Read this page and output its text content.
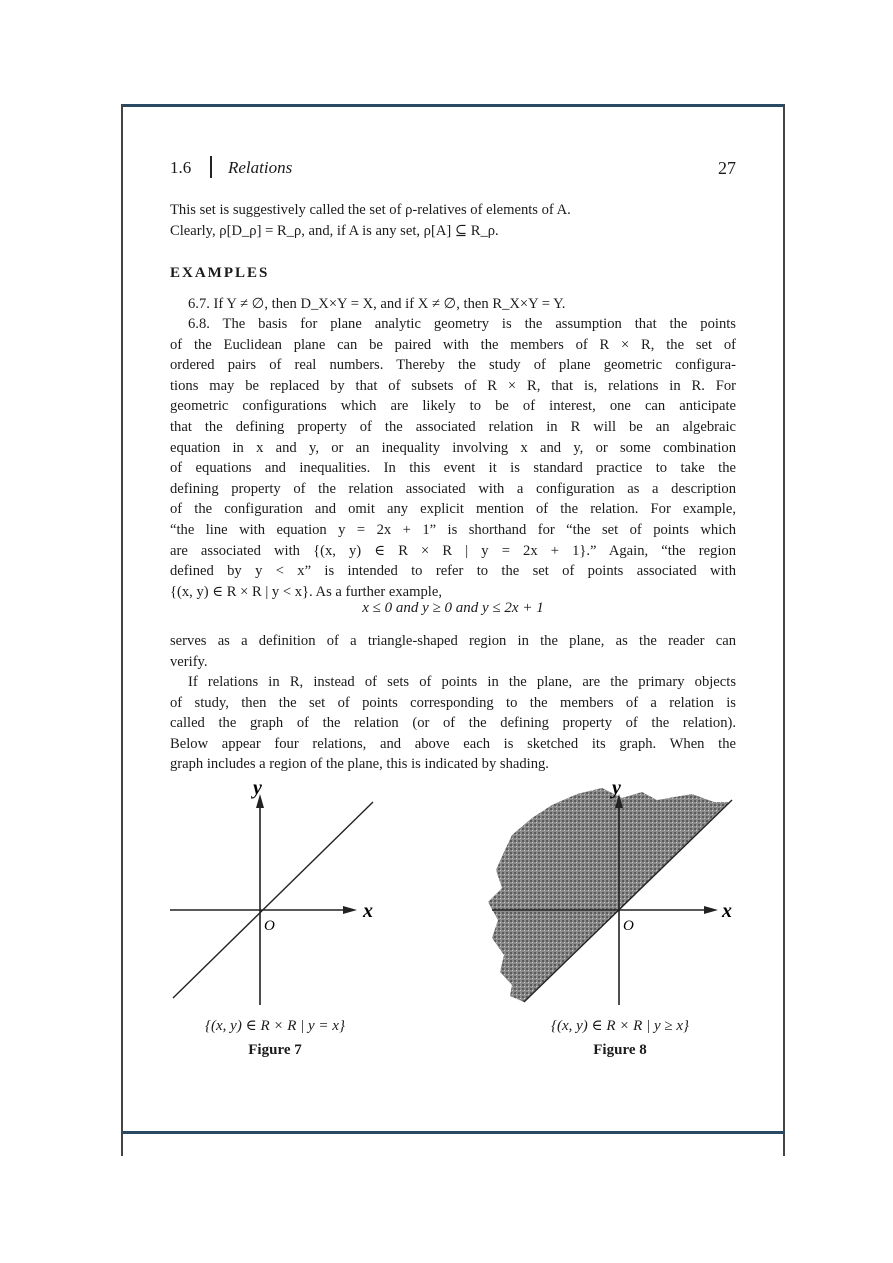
1.6 Relations	27
This set is suggestively called the set of ρ-relatives of elements of A.
Clearly, ρ[D_ρ] = R_ρ, and, if A is any set, ρ[A] ⊆ R_ρ.
EXAMPLES
6.7. If Y ≠ ∅, then D_X×Y = X, and if X ≠ ∅, then R_X×Y = Y.
6.8. The basis for plane analytic geometry is the assumption that the points
of the Euclidean plane can be paired with the members of R × R, the set of
ordered pairs of real numbers. Thereby the study of plane geometric configura-
tions may be replaced by that of subsets of R × R, that is, relations in R. For
geometric configurations which are likely to be of interest, one can anticipate
that the defining property of the associated relation in R will be an algebraic
equation in x and y, or an inequality involving x and y, or some combination
of equations and inequalities. In this event it is standard practice to take the
defining property of the relation associated with a configuration as a description
of the configuration and omit any explicit mention of the relation. For example,
“the line with equation y = 2x + 1” is shorthand for “the set of points which
are associated with {(x, y) ∈ R × R | y = 2x + 1}.” Again, “the region
defined by y < x” is intended to refer to the set of points associated with
{(x, y) ∈ R × R | y < x}. As a further example,
x ≤ 0 and y ≥ 0 and y ≤ 2x + 1
serves as a definition of a triangle-shaped region in the plane, as the reader can
verify.
If relations in R, instead of sets of points in the plane, are the primary objects
of study, then the set of points corresponding to the members of a relation is
called the graph of the relation (or of the defining property of the relation).
Below appear four relations, and above each is sketched its graph. When the
graph includes a region of the plane, this is indicated by shading.
y
x
O
{(x, y) ∈ R × R | y = x}
Figure 7
y
x
O
{(x, y) ∈ R × R | y ≥ x}
Figure 8
